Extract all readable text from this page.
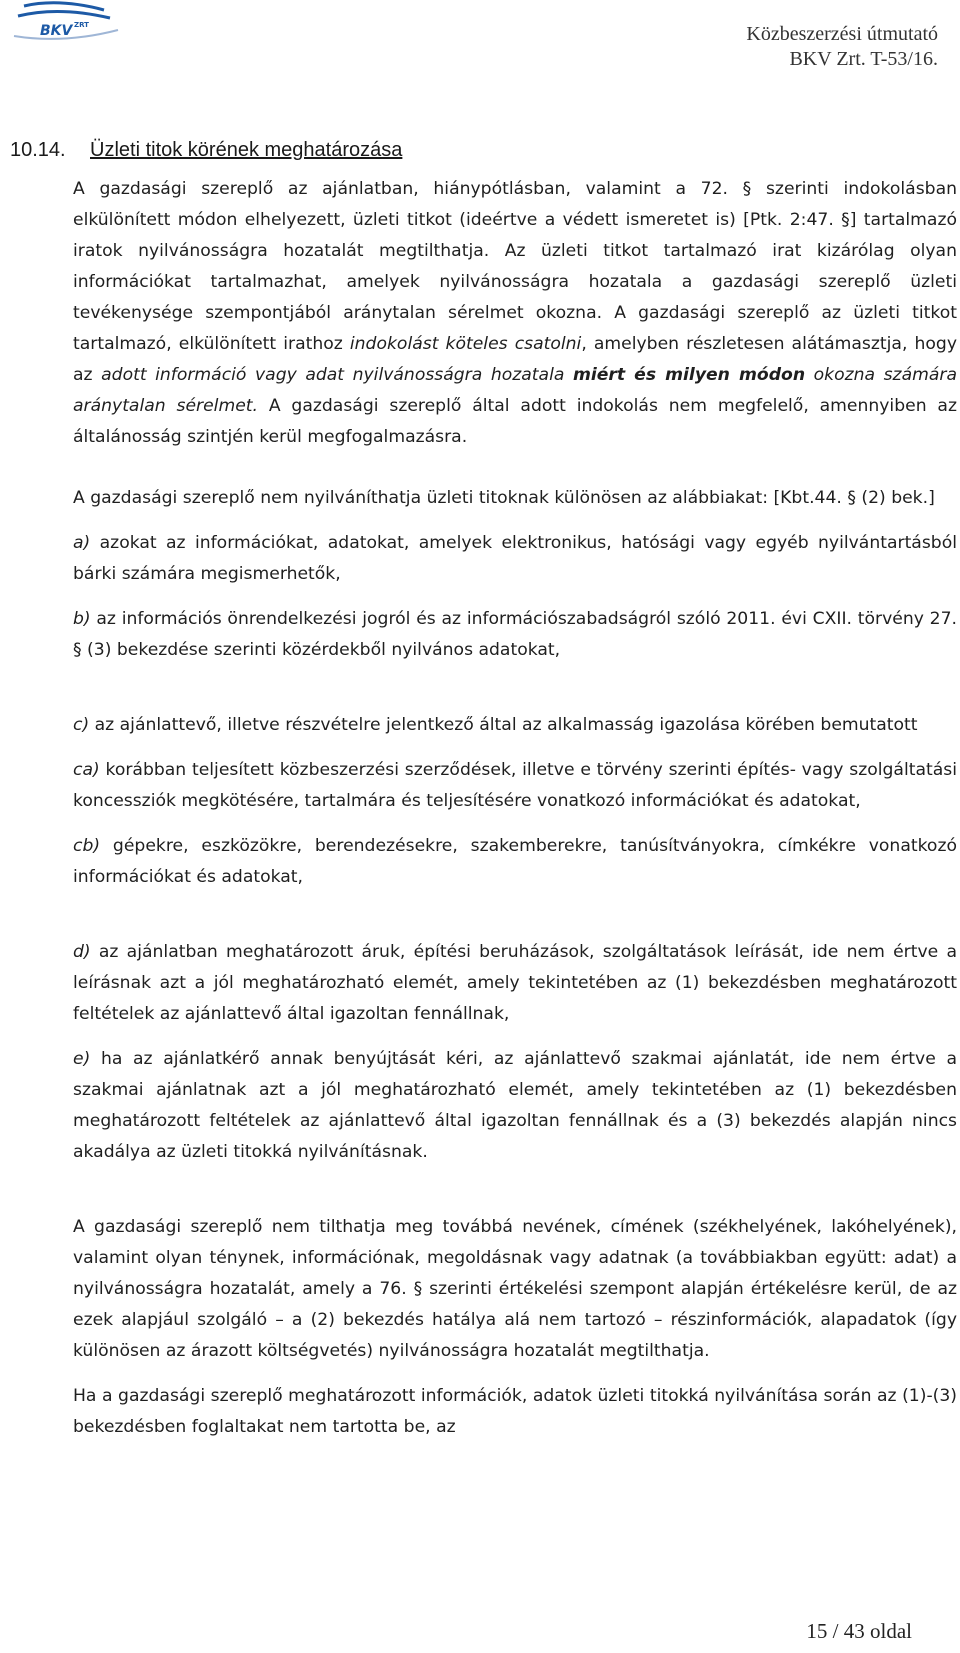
BKV ZRT	Közbeszerzési útmutató
BKV Zrt. T-53/16.
10.14. Üzleti titok körének meghatározása

A gazdasági szereplő az ajánlatban, hiánypótlásban, valamint a 72. § szerinti indokolásban elkülönített módon elhelyezett, üzleti titkot (ideértve a védett ismeretet is) [Ptk. 2:47. §] tartalmazó iratok nyilvánosságra hozatalát megtilthatja. Az üzleti titkot tartalmazó irat kizárólag olyan információkat tartalmazhat, amelyek nyilvánosságra hozatala a gazdasági szereplő üzleti tevékenysége szempontjából aránytalan sérelmet okozna. A gazdasági szereplő az üzleti titkot tartalmazó, elkülönített irathoz indokolást köteles csatolni, amelyben részletesen alátámasztja, hogy az adott információ vagy adat nyilvánosságra hozatala miért és milyen módon okozna számára aránytalan sérelmet. A gazdasági szereplő által adott indokolás nem megfelelő, amennyiben az általánosság szintjén kerül megfogalmazásra.

A gazdasági szereplő nem nyilváníthatja üzleti titoknak különösen az alábbiakat: [Kbt.44. § (2) bek.]

a) azokat az információkat, adatokat, amelyek elektronikus, hatósági vagy egyéb nyilvántartásból bárki számára megismerhetők,

b) az információs önrendelkezési jogról és az információszabadságról szóló 2011. évi CXII. törvény 27. § (3) bekezdése szerinti közérdekből nyilvános adatokat,

c) az ajánlattevő, illetve részvételre jelentkező által az alkalmasság igazolása körében bemutatott

ca) korábban teljesített közbeszerzési szerződések, illetve e törvény szerinti építés- vagy szolgáltatási koncessziók megkötésére, tartalmára és teljesítésére vonatkozó információkat és adatokat,

cb) gépekre, eszközökre, berendezésekre, szakemberekre, tanúsítványokra, címkékre vonatkozó információkat és adatokat,

d) az ajánlatban meghatározott áruk, építési beruházások, szolgáltatások leírását, ide nem értve a leírásnak azt a jól meghatározható elemét, amely tekintetében az (1) bekezdésben meghatározott feltételek az ajánlattevő által igazoltan fennállnak,

e) ha az ajánlatkérő annak benyújtását kéri, az ajánlattevő szakmai ajánlatát, ide nem értve a szakmai ajánlatnak azt a jól meghatározható elemét, amely tekintetében az (1) bekezdésben meghatározott feltételek az ajánlattevő által igazoltan fennállnak és a (3) bekezdés alapján nincs akadálya az üzleti titokká nyilvánításnak.

A gazdasági szereplő nem tilthatja meg továbbá nevének, címének (székhelyének, lakóhelyének), valamint olyan ténynek, információnak, megoldásnak vagy adatnak (a továbbiakban együtt: adat) a nyilvánosságra hozatalát, amely a 76. § szerinti értékelési szempont alapján értékelésre kerül, de az ezek alapjául szolgáló – a (2) bekezdés hatálya alá nem tartozó – részinformációk, alapadatok (így különösen az árazott költségvetés) nyilvánosságra hozatalát megtilthatja.

Ha a gazdasági szereplő meghatározott információk, adatok üzleti titokká nyilvánítása során az (1)-(3) bekezdésben foglaltakat nem tartotta be, az

15 / 43 oldal
